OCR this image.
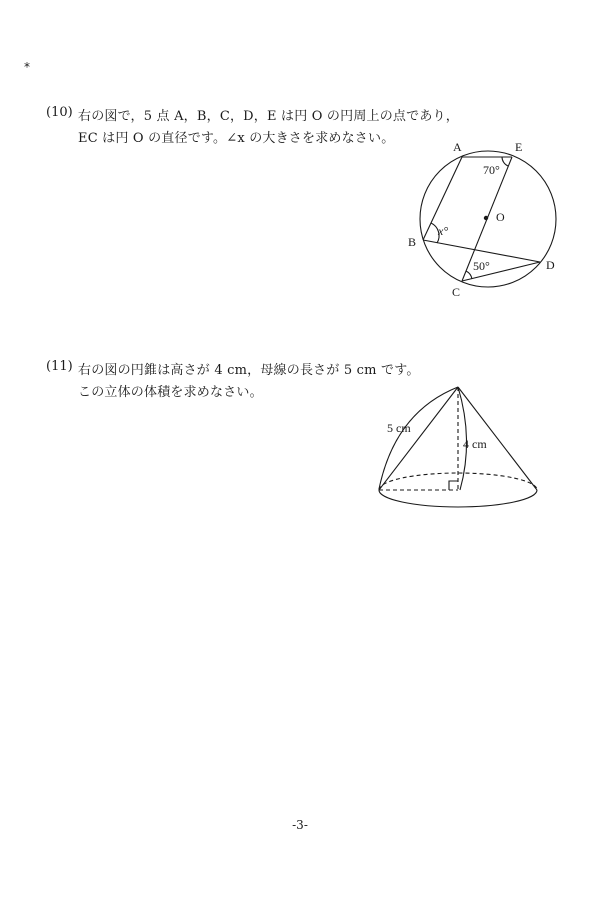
*
(10) 右の図で，5 点 A，B，C，D，E は円 O の円周上の点であり，
EC は円 O の直径です。∠x の大きさを求めなさい。
(11) 右の図の円錐は高さが 4 cm，母線の長さが 5 cm です。
この立体の体積を求めなさい。
A	E
B
C
D
O
70°
50°
x°
5 cm
4 cm
-3-
